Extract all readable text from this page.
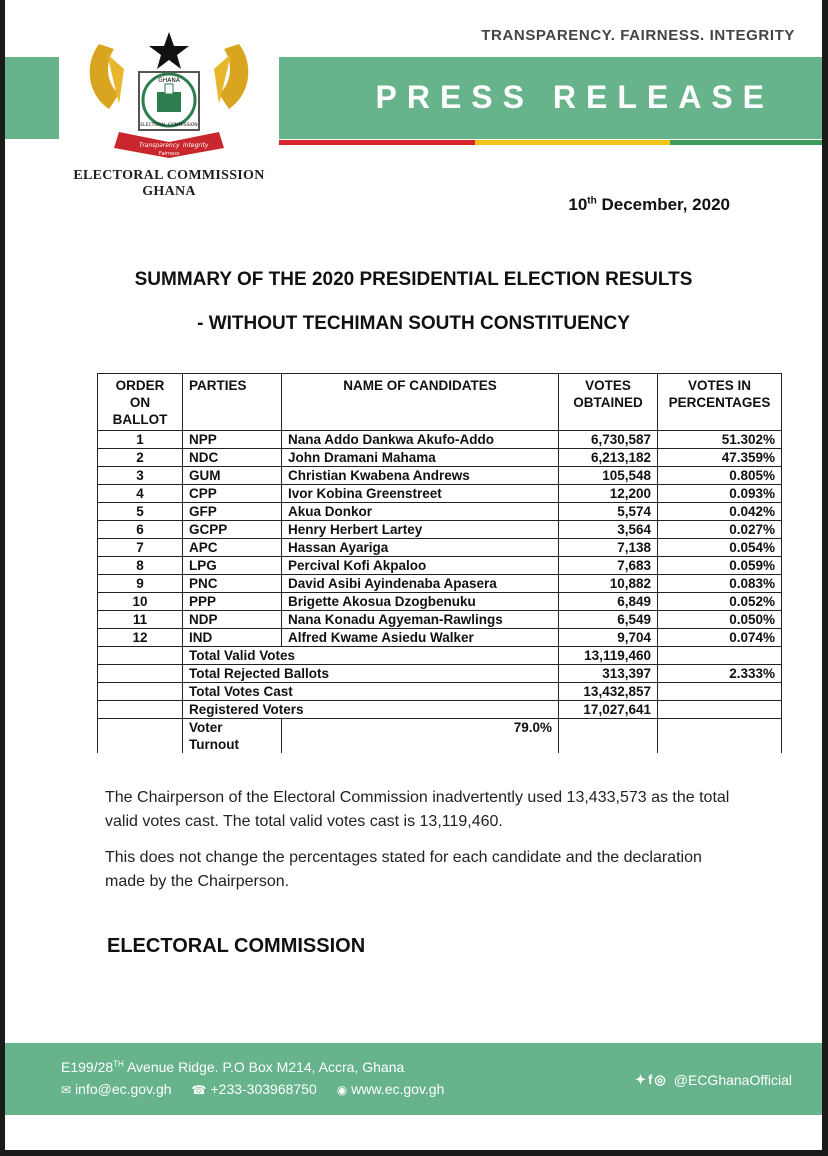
TRANSPARENCY. FAIRNESS. INTEGRITY
PRESS RELEASE
GHANA
ELECTORAL COMMISSION
Transparency Integrity
Fairness
ELECTORAL COMMISSION
GHANA
10th December, 2020
SUMMARY OF THE 2020 PRESIDENTIAL ELECTION RESULTS
- WITHOUT TECHIMAN SOUTH CONSTITUENCY
ORDER ON BALLOT	PARTIES	NAME OF CANDIDATES	VOTES OBTAINED	VOTES IN PERCENTAGES
1	NPP	Nana Addo Dankwa Akufo-Addo	6,730,587	51.302%
2	NDC	John Dramani Mahama	6,213,182	47.359%
3	GUM	Christian Kwabena Andrews	105,548	0.805%
4	CPP	Ivor Kobina Greenstreet	12,200	0.093%
5	GFP	Akua Donkor	5,574	0.042%
6	GCPP	Henry Herbert Lartey	3,564	0.027%
7	APC	Hassan Ayariga	7,138	0.054%
8	LPG	Percival Kofi Akpaloo	7,683	0.059%
9	PNC	David Asibi Ayindenaba Apasera	10,882	0.083%
10	PPP	Brigette Akosua Dzogbenuku	6,849	0.052%
11	NDP	Nana Konadu Agyeman-Rawlings	6,549	0.050%
12	IND	Alfred Kwame Asiedu Walker	9,704	0.074%
	Total Valid Votes		13,119,460	
	Total Rejected Ballots		313,397	2.333%
	Total Votes Cast		13,432,857	
	Registered Voters		17,027,641	
	Voter Turnout	79.0%		
The Chairperson of the Electoral Commission inadvertently used 13,433,573 as the total valid votes cast. The total valid votes cast is 13,119,460.
This does not change the percentages stated for each candidate and the declaration made by the Chairperson.
ELECTORAL COMMISSION
E199/28TH Avenue Ridge. P.O Box M214, Accra, Ghana
✉ info@ec.gov.gh ☎ +233-303968750 ◉ www.ec.gov.gh
✦f◎ @ECGhanaOfficial
